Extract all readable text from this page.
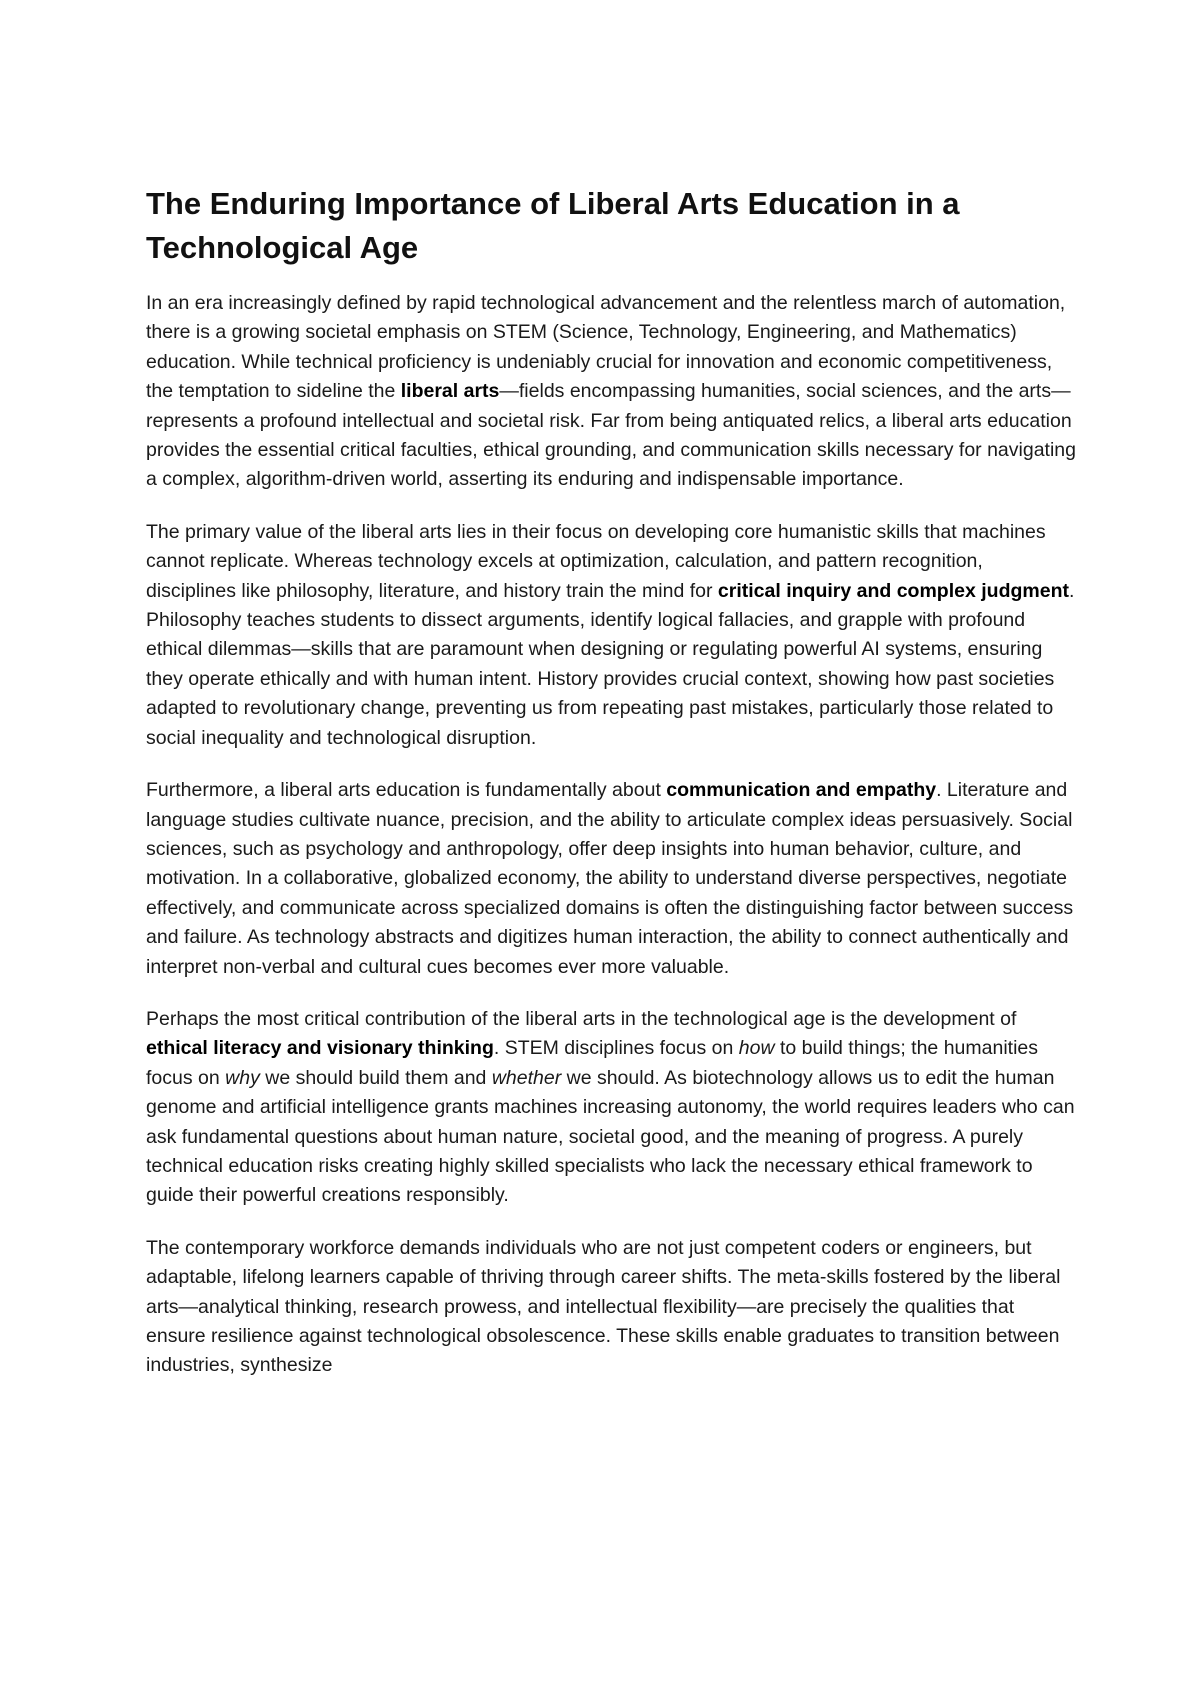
The Enduring Importance of Liberal Arts Education in a Technological Age

In an era increasingly defined by rapid technological advancement and the relentless march of automation, there is a growing societal emphasis on STEM (Science, Technology, Engineering, and Mathematics) education. While technical proficiency is undeniably crucial for innovation and economic competitiveness, the temptation to sideline the liberal arts—fields encompassing humanities, social sciences, and the arts—represents a profound intellectual and societal risk. Far from being antiquated relics, a liberal arts education provides the essential critical faculties, ethical grounding, and communication skills necessary for navigating a complex, algorithm-driven world, asserting its enduring and indispensable importance.

The primary value of the liberal arts lies in their focus on developing core humanistic skills that machines cannot replicate. Whereas technology excels at optimization, calculation, and pattern recognition, disciplines like philosophy, literature, and history train the mind for critical inquiry and complex judgment. Philosophy teaches students to dissect arguments, identify logical fallacies, and grapple with profound ethical dilemmas—skills that are paramount when designing or regulating powerful AI systems, ensuring they operate ethically and with human intent. History provides crucial context, showing how past societies adapted to revolutionary change, preventing us from repeating past mistakes, particularly those related to social inequality and technological disruption.

Furthermore, a liberal arts education is fundamentally about communication and empathy. Literature and language studies cultivate nuance, precision, and the ability to articulate complex ideas persuasively. Social sciences, such as psychology and anthropology, offer deep insights into human behavior, culture, and motivation. In a collaborative, globalized economy, the ability to understand diverse perspectives, negotiate effectively, and communicate across specialized domains is often the distinguishing factor between success and failure. As technology abstracts and digitizes human interaction, the ability to connect authentically and interpret non-verbal and cultural cues becomes ever more valuable.

Perhaps the most critical contribution of the liberal arts in the technological age is the development of ethical literacy and visionary thinking. STEM disciplines focus on how to build things; the humanities focus on why we should build them and whether we should. As biotechnology allows us to edit the human genome and artificial intelligence grants machines increasing autonomy, the world requires leaders who can ask fundamental questions about human nature, societal good, and the meaning of progress. A purely technical education risks creating highly skilled specialists who lack the necessary ethical framework to guide their powerful creations responsibly.

The contemporary workforce demands individuals who are not just competent coders or engineers, but adaptable, lifelong learners capable of thriving through career shifts. The meta-skills fostered by the liberal arts—analytical thinking, research prowess, and intellectual flexibility—are precisely the qualities that ensure resilience against technological obsolescence. These skills enable graduates to transition between industries, synthesize
